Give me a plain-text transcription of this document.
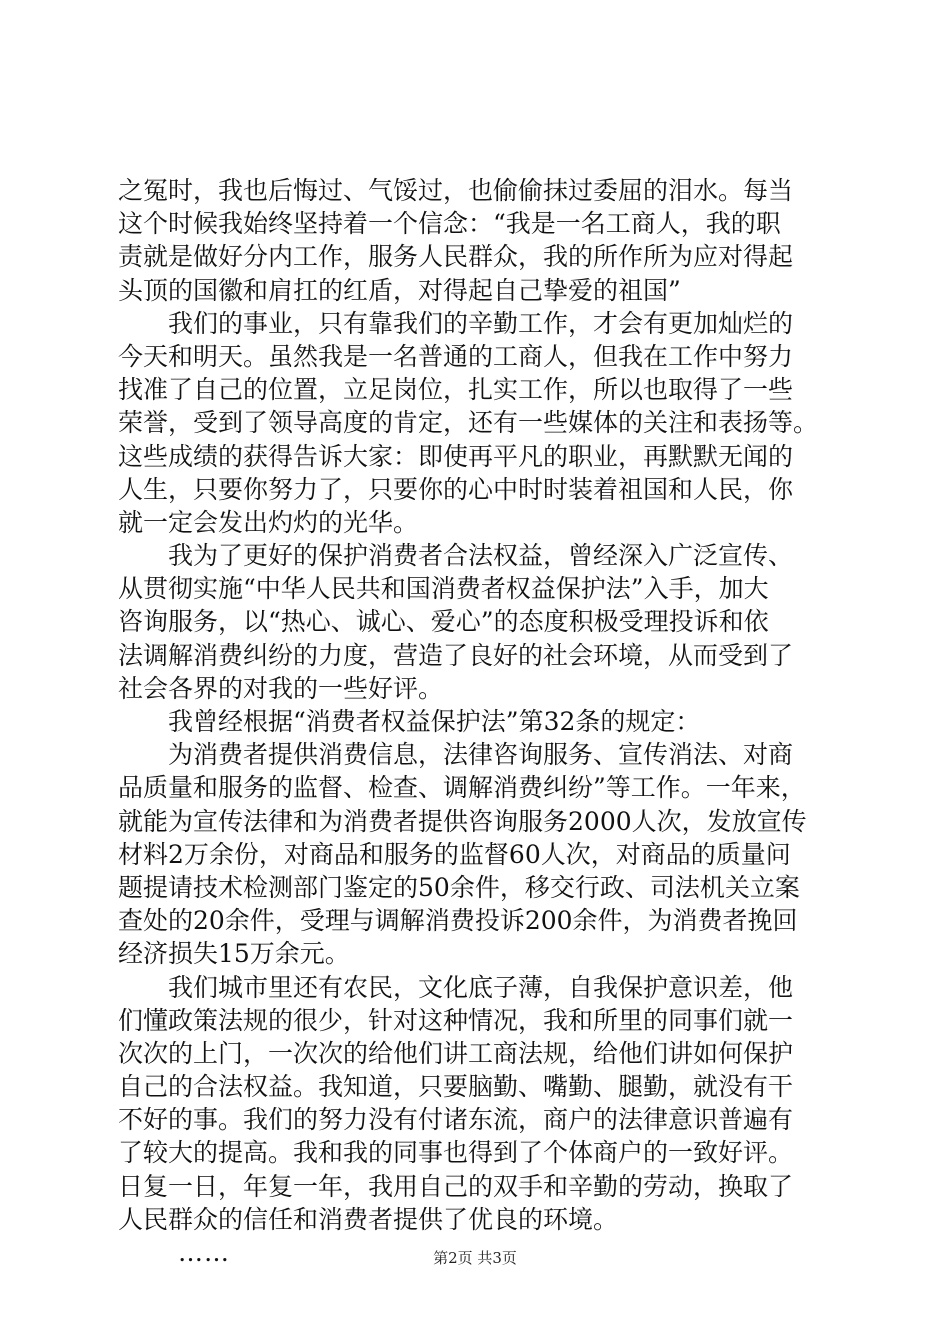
之冤时，我也后悔过、气馁过，也偷偷抹过委屈的泪水。每当
这个时候我始终坚持着一个信念：“我是一名工商人，我的职
责就是做好分内工作，服务人民群众，我的所作所为应对得起
头顶的国徽和肩扛的红盾，对得起自己挚爱的祖国”
我们的事业，只有靠我们的辛勤工作，才会有更加灿烂的
今天和明天。虽然我是一名普通的工商人，但我在工作中努力
找准了自己的位置，立足岗位，扎实工作，所以也取得了一些
荣誉，受到了领导高度的肯定，还有一些媒体的关注和表扬等。
这些成绩的获得告诉大家：即使再平凡的职业，再默默无闻的
人生，只要你努力了，只要你的心中时时装着祖国和人民，你
就一定会发出灼灼的光华。
我为了更好的保护消费者合法权益，曾经深入广泛宣传、
从贯彻实施“中华人民共和国消费者权益保护法”入手，加大
咨询服务，以“热心、诚心、爱心”的态度积极受理投诉和依
法调解消费纠纷的力度，营造了良好的社会环境，从而受到了
社会各界的对我的一些好评。
我曾经根据“消费者权益保护法”第32条的规定：
为消费者提供消费信息，法律咨询服务、宣传消法、对商
品质量和服务的监督、检查、调解消费纠纷”等工作。一年来，
就能为宣传法律和为消费者提供咨询服务2000人次，发放宣传
材料2万余份，对商品和服务的监督60人次，对商品的质量问
题提请技术检测部门鉴定的50余件，移交行政、司法机关立案
查处的20余件，受理与调解消费投诉200余件，为消费者挽回
经济损失15万余元。
我们城市里还有农民，文化底子薄，自我保护意识差，他
们懂政策法规的很少，针对这种情况，我和所里的同事们就一
次次的上门，一次次的给他们讲工商法规，给他们讲如何保护
自己的合法权益。我知道，只要脑勤、嘴勤、腿勤，就没有干
不好的事。我们的努力没有付诸东流，商户的法律意识普遍有
了较大的提高。我和我的同事也得到了个体商户的一致好评。
日复一日，年复一年，我用自己的双手和辛勤的劳动，换取了
人民群众的信任和消费者提供了优良的环境。
……	第2页 共3页
